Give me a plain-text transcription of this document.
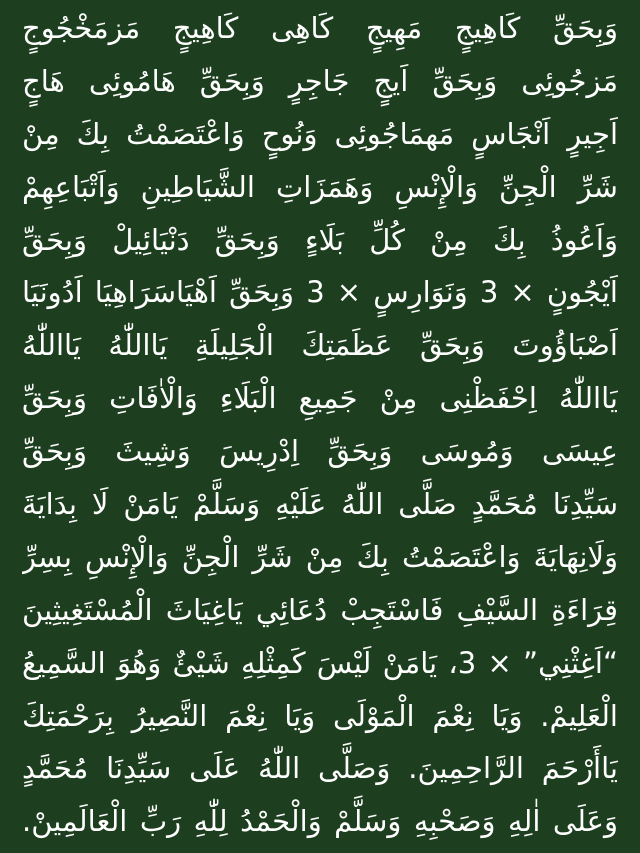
وَبِحَقِّ كَاهِيجٍ مَهِيجٍ كَاهِى كَاهِيجٍ مَزمَخْجُوجٍ
مَزجُوئِى وَبِحَقِّ اَيجٍ جَاجِرٍ وَبِحَقِّ هَامُوئِى هَاجٍ
اَجِيرٍ اَنْجَاسٍ مَهمَاجُوئِى وَنُوحٍ وَاعْتَصَمْتُ بِكَ مِنْ
شَرِّ الْجِنِّ وَالْإِنْسِ وَهَمَزَاتِ الشَّيَاطِينِ وَاَتْبَاعِهِمْ
وَاَعُوذُ بِكَ مِنْ كُلِّ بَلَاءٍ وَبِحَقِّ دَنْيَائِيلْ وَبِحَقِّ
اَيْجُونٍ × 3 وَنَوَارِسٍ × 3 وَبِحَقِّ اَهْيَاسَرَاهِيَا اَدُونَيَا
اَصْبَاؤُوتَ وَبِحَقِّ عَظَمَتِكَ الْجَلِيلَةِ يَااللّٰهُ يَااللّٰهُ
يَااللّٰهُ اِحْفَظْنِى مِنْ جَمِيعِ الْبَلَاءِ وَالْاٰفَاتِ وَبِحَقِّ
عِيسَى وَمُوسَى وَبِحَقِّ اِدْرِيسَ وَشِيثَ وَبِحَقِّ
سَيِّدِنَا مُحَمَّدٍ صَلَّى اللّٰهُ عَلَيْهِ وَسَلَّمْ يَامَنْ لَا بِدَايَةَ
وَلَانِهَايَةَ وَاعْتَصَمْتُ بِكَ مِنْ شَرِّ الْجِنِّ وَالْإِنْسِ بِسِرِّ
قِرَاءَةِ السَّيْفِ فَاسْتَجِبْ دُعَائِي يَاغِيَاثَ الْمُسْتَغِيثِينَ
“اَغِثْنِي” × 3، يَامَنْ لَيْسَ كَمِثْلِهِ شَيْئٌ وَهُوَ السَّمِيعُ
الْعَلِيمْ. وَيَا نِعْمَ الْمَوْلَى وَيَا نِعْمَ النَّصِيرُ بِرَحْمَتِكَ
يَاأَرْحَمَ الرَّاحِمِينَ. وَصَلَّى اللّٰهُ عَلَى سَيِّدِنَا مُحَمَّدٍ
وَعَلَى اٰلِهِ وَصَحْبِهِ وَسَلَّمْ وَالْحَمْدُ لِلّٰهِ رَبِّ الْعَالَمِينْ.
